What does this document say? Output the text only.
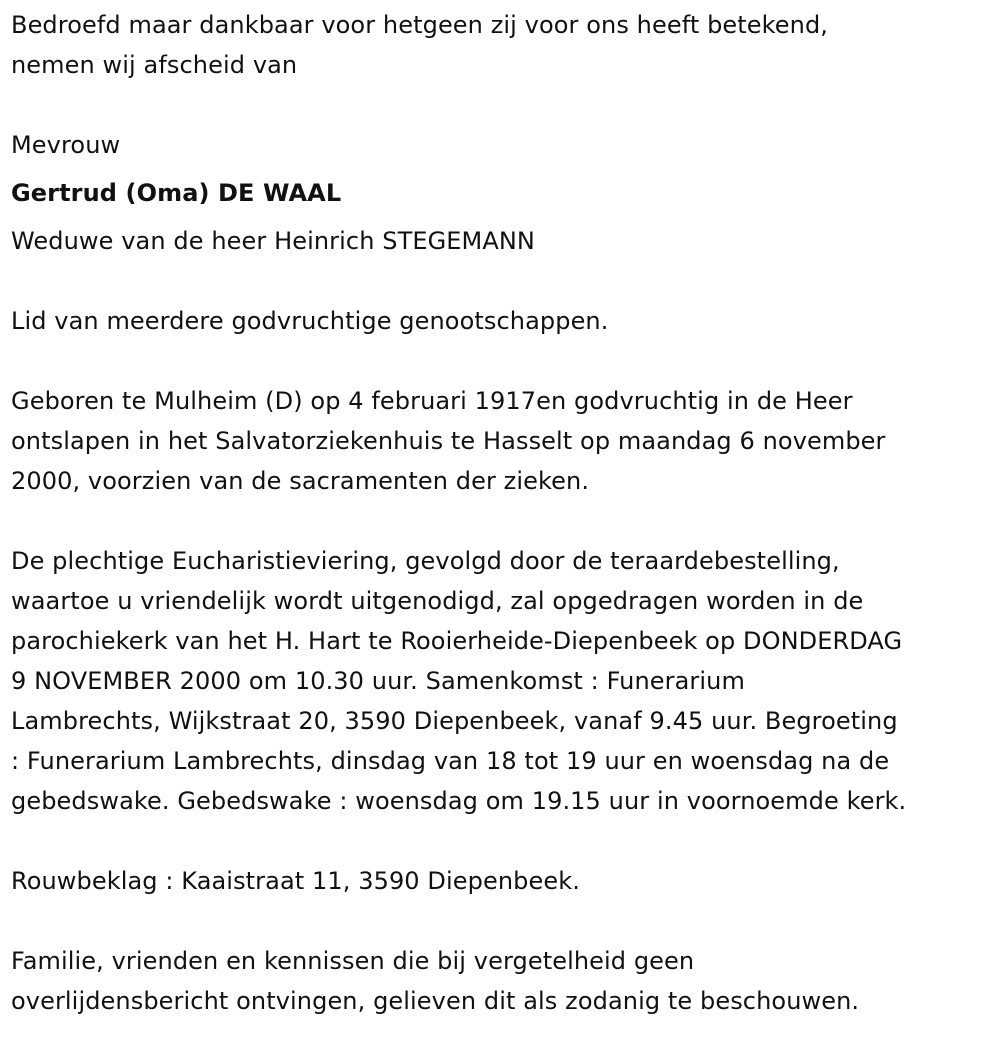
Bedroefd maar dankbaar voor hetgeen zij voor ons heeft betekend,
nemen wij afscheid van
Mevrouw
Gertrud (Oma) DE WAAL
Weduwe van de heer Heinrich STEGEMANN
Lid van meerdere godvruchtige genootschappen.
Geboren te Mulheim (D) op 4 februari 1917en godvruchtig in de Heer
ontslapen in het Salvatorziekenhuis te Hasselt op maandag 6 november
2000, voorzien van de sacramenten der zieken.
De plechtige Eucharistieviering, gevolgd door de teraardebestelling,
waartoe u vriendelijk wordt uitgenodigd, zal opgedragen worden in de
parochiekerk van het H. Hart te Rooierheide-Diepenbeek op DONDERDAG
9 NOVEMBER 2000 om 10.30 uur. Samenkomst : Funerarium
Lambrechts, Wijkstraat 20, 3590 Diepenbeek, vanaf 9.45 uur. Begroeting
: Funerarium Lambrechts, dinsdag van 18 tot 19 uur en woensdag na de
gebedswake. Gebedswake : woensdag om 19.15 uur in voornoemde kerk.
Rouwbeklag : Kaaistraat 11, 3590 Diepenbeek.
Familie, vrienden en kennissen die bij vergetelheid geen
overlijdensbericht ontvingen, gelieven dit als zodanig te beschouwen.
